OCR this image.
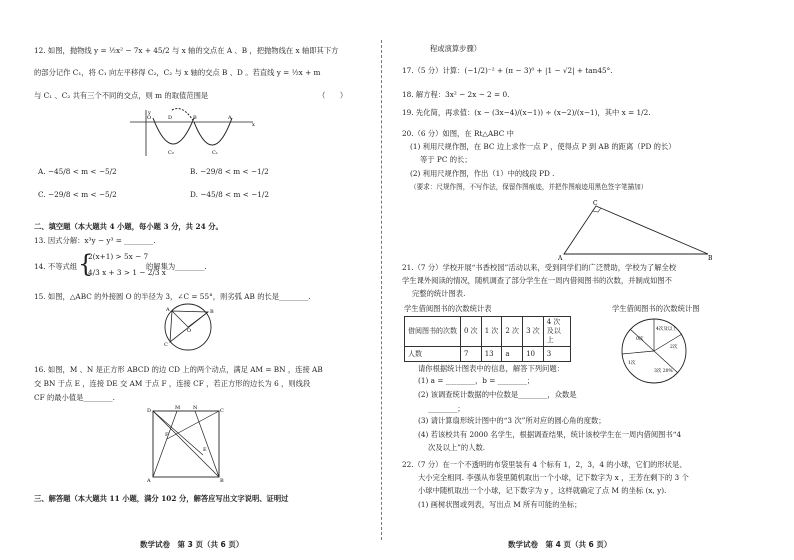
12. 如图，抛物线 y = ½x² − 7x + 45/2 与 x 轴的交点在 A 、B ，把抛物线在 x 轴即其下方
的部分记作 C₁，将 C₁ 向左平移得 C₂，C₂ 与 x 轴的交点 B 、D 。若直线 y = ½x + m
与 C₁ 、C₂ 共有三个不同的交点，则 m 的取值范围是	（　　）
O	D	B	A
C₂	C₁
x
y
A. −45/8 < m < −5/2	B. −29/8 < m < −1/2
C. −29/8 < m < −5/2	D. −45/8 < m < −1/2
二、填空题（本大题共 4 小题，每小题 3 分，共 24 分。
13. 因式分解：x³y − y³ = ________.
14. 不等式组 {
2(x+1) > 5x − 7
4/3 x + 3 > 1 − 2/3 x
的解集为________.
15. 如图，△ABC 的外接圆 O 的半径为 3，∠C = 55°，则劣弧 AB 的长是________.
A	B
C
O
16. 如图，M 、N 是正方形 ABCD 的边 CD 上的两个动点，满足 AM = BN ，连接 AB
交 BN 于点 E ，连接 DE 交 AM 于点 F ，连接 CF ，若正方形的边长为 6 ，则线段
CF 的最小值是________.
D	M	N	C
A	B
E
F
三、解答题（本大题共 11 小题，满分 102 分，解答应写出文字说明、证明过
数学试卷　第 3 页（共 6 页）
程或演算步骤）
17.（5 分）计算：(−1/2)⁻² + (π − 3)⁰ + |1 − √2| + tan45°.
18. 解方程：3x² − 2x − 2 = 0.
19. 先化简，再求值：(x − (3x−4)/(x−1)) ÷ (x−2)/(x−1)，其中 x = 1/2.
20.（6 分）如图，在 Rt△ABC 中
(1) 利用尺规作图，在 BC 边上求作一点 P ，使得点 P 到 AB 的距离（PD 的长）
等于 PC 的长；
(2) 利用尺规作图，作出（1）中的线段 PD .
（要求：尺规作图，不写作法，保留作图痕迹，并把作图痕迹用黑色签字笔描加）
A
C
B
21.（7 分）学校开展“书香校园”活动以来，受到同学们的广泛赞助，学校为了解全校
学生课外阅读的情况，随机调查了部分学生在一周内借阅图书的次数，并制成如图不
完整的统计图表.
学生借阅图书的次数统计表
借阅图书的次数	0 次	1 次	2 次	3 次	4 次及以上
人数	7	13	a	10	3
学生借阅图书的次数统计图
4次及以上
0次
1次
2次
3次 20%
请你根据统计图表中的信息，解答下列问题：
(1) a = ________，b = ________；
(2) 该调查统计数据的中位数是________，众数是
________；
(3) 请计算扇形统计图中的“3 次”所对应的圆心角的度数；
(4) 若该校共有 2000 名学生，根据调查结果，统计该校学生在一周内借阅图书“4
次及以上”的人数.
22.（7 分）在一个不透明的布袋里装有 4 个标有 1，2，3，4 的小球，它们的形状是、
大小完全相同. 李强从布袋里随机取出一个小球，记下数字为 x ，王芳在剩下的 3 个
小球中随机取出一个小球，记下数字为 y ，这样就确定了点 M 的坐标 (x, y).
(1) 画树状图或列表，写出点 M 所有可能的坐标；
数学试卷　第 4 页（共 6 页）
